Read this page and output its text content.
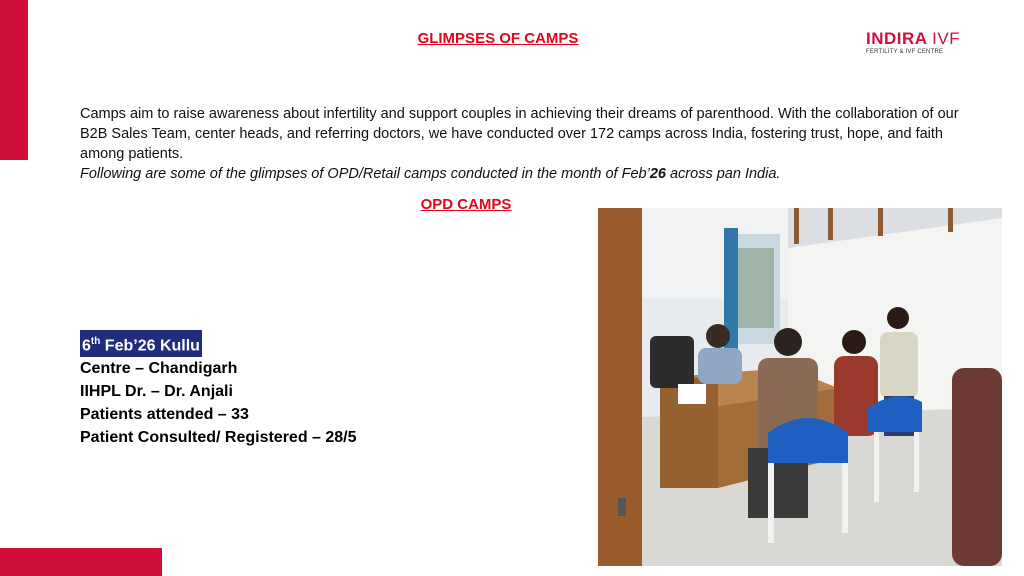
GLIMPSES OF CAMPS	INDIRA IVF
FERTILITY & IVF CENTRE
Camps aim to raise awareness about infertility and support couples in achieving their dreams of parenthood. With the collaboration of our B2B Sales Team, center heads, and referring doctors, we have conducted over 172 camps across India, fostering trust, hope, and faith among patients.
Following are some of the glimpses of OPD/Retail camps conducted in the month of Feb’26 across pan India.
OPD CAMPS
6th Feb’26 Kullu
Centre – Chandigarh
IIHPL Dr. – Dr. Anjali
Patients attended – 33
Patient Consulted/ Registered – 28/5
